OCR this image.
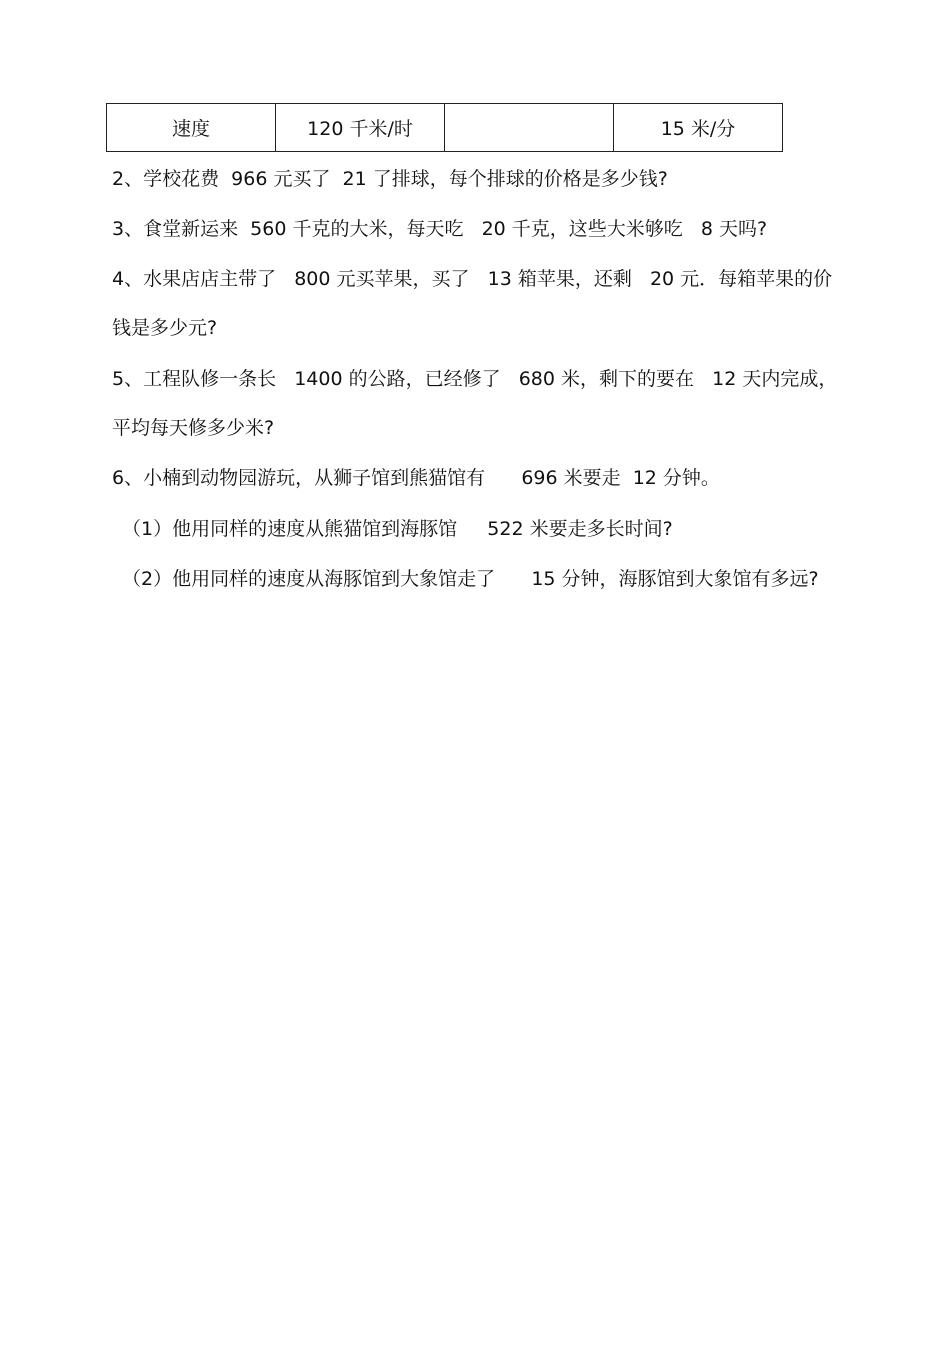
速度	120 千米/时		15 米/分
2、学校花费  966 元买了  21 了排球，每个排球的价格是多少钱?
3、食堂新运来  560 千克的大米，每天吃   20 千克，这些大米够吃   8 天吗?
4、水果店店主带了   800 元买苹果，买了   13 箱苹果，还剩   20 元．每箱苹果的价
钱是多少元?
5、工程队修一条长   1400 的公路，已经修了   680 米，剩下的要在   12 天内完成，
平均每天修多少米?
6、小楠到动物园游玩，从狮子馆到熊猫馆有      696 米要走  12 分钟。
（1）他用同样的速度从熊猫馆到海豚馆     522 米要走多长时间?
（2）他用同样的速度从海豚馆到大象馆走了      15 分钟，海豚馆到大象馆有多远?
